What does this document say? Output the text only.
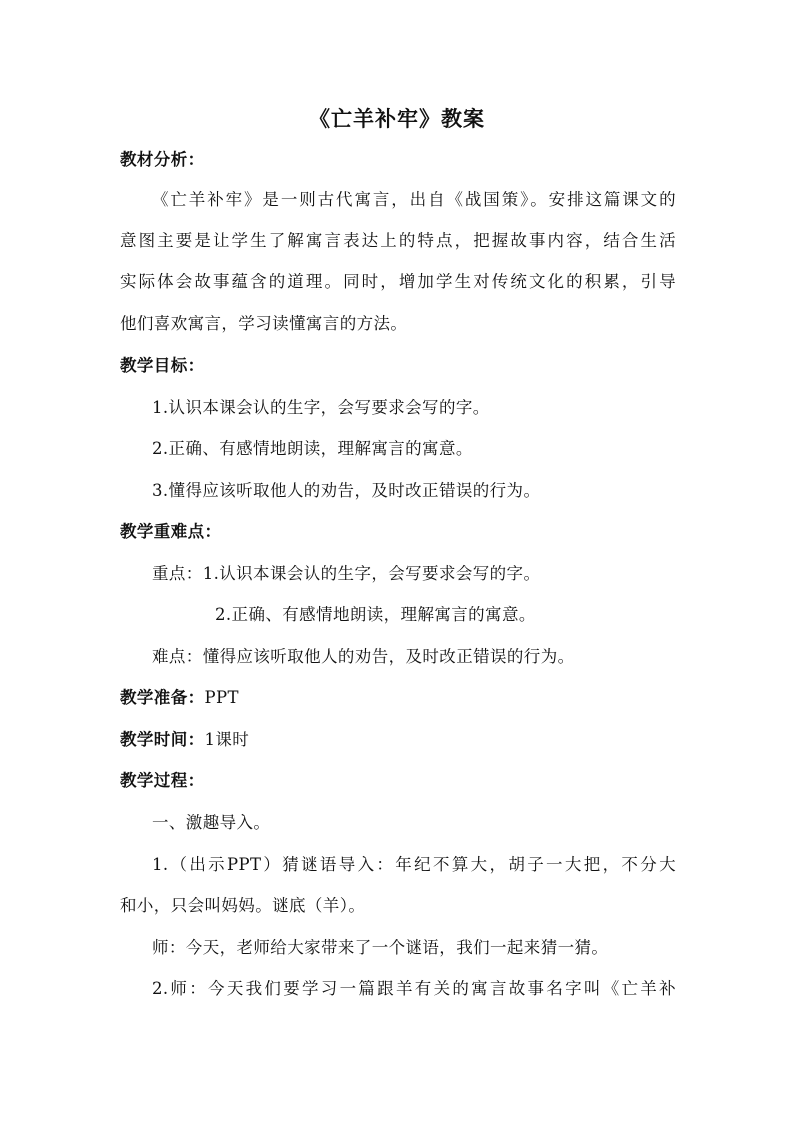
《亡羊补牢》教案
教材分析：
《亡羊补牢》是一则古代寓言，出自《战国策》。安排这篇课文的
意图主要是让学生了解寓言表达上的特点，把握故事内容，结合生活
实际体会故事蕴含的道理。同时，增加学生对传统文化的积累，引导
他们喜欢寓言，学习读懂寓言的方法。
教学目标：
1.认识本课会认的生字，会写要求会写的字。
2.正确、有感情地朗读，理解寓言的寓意。
3.懂得应该听取他人的劝告，及时改正错误的行为。
教学重难点：
重点：1.认识本课会认的生字，会写要求会写的字。
2.正确、有感情地朗读，理解寓言的寓意。
难点：懂得应该听取他人的劝告，及时改正错误的行为。
教学准备：PPT
教学时间：1课时
教学过程：
一、激趣导入。
1.（出示PPT）猜谜语导入：年纪不算大，胡子一大把，不分大
和小，只会叫妈妈。谜底（羊）。
师：今天，老师给大家带来了一个谜语，我们一起来猜一猜。
2.师：今天我们要学习一篇跟羊有关的寓言故事名字叫《亡羊补
